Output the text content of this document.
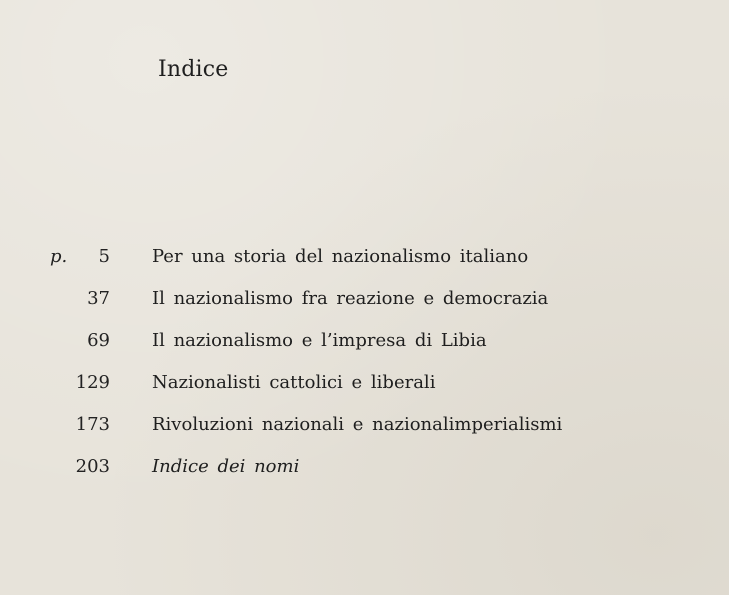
Indice
p. 5 Per una storia del nazionalismo italiano
37 Il nazionalismo fra reazione e democrazia
69 Il nazionalismo e l’impresa di Libia
129 Nazionalisti cattolici e liberali
173 Rivoluzioni nazionali e nazionalimperialismi
203 Indice dei nomi
